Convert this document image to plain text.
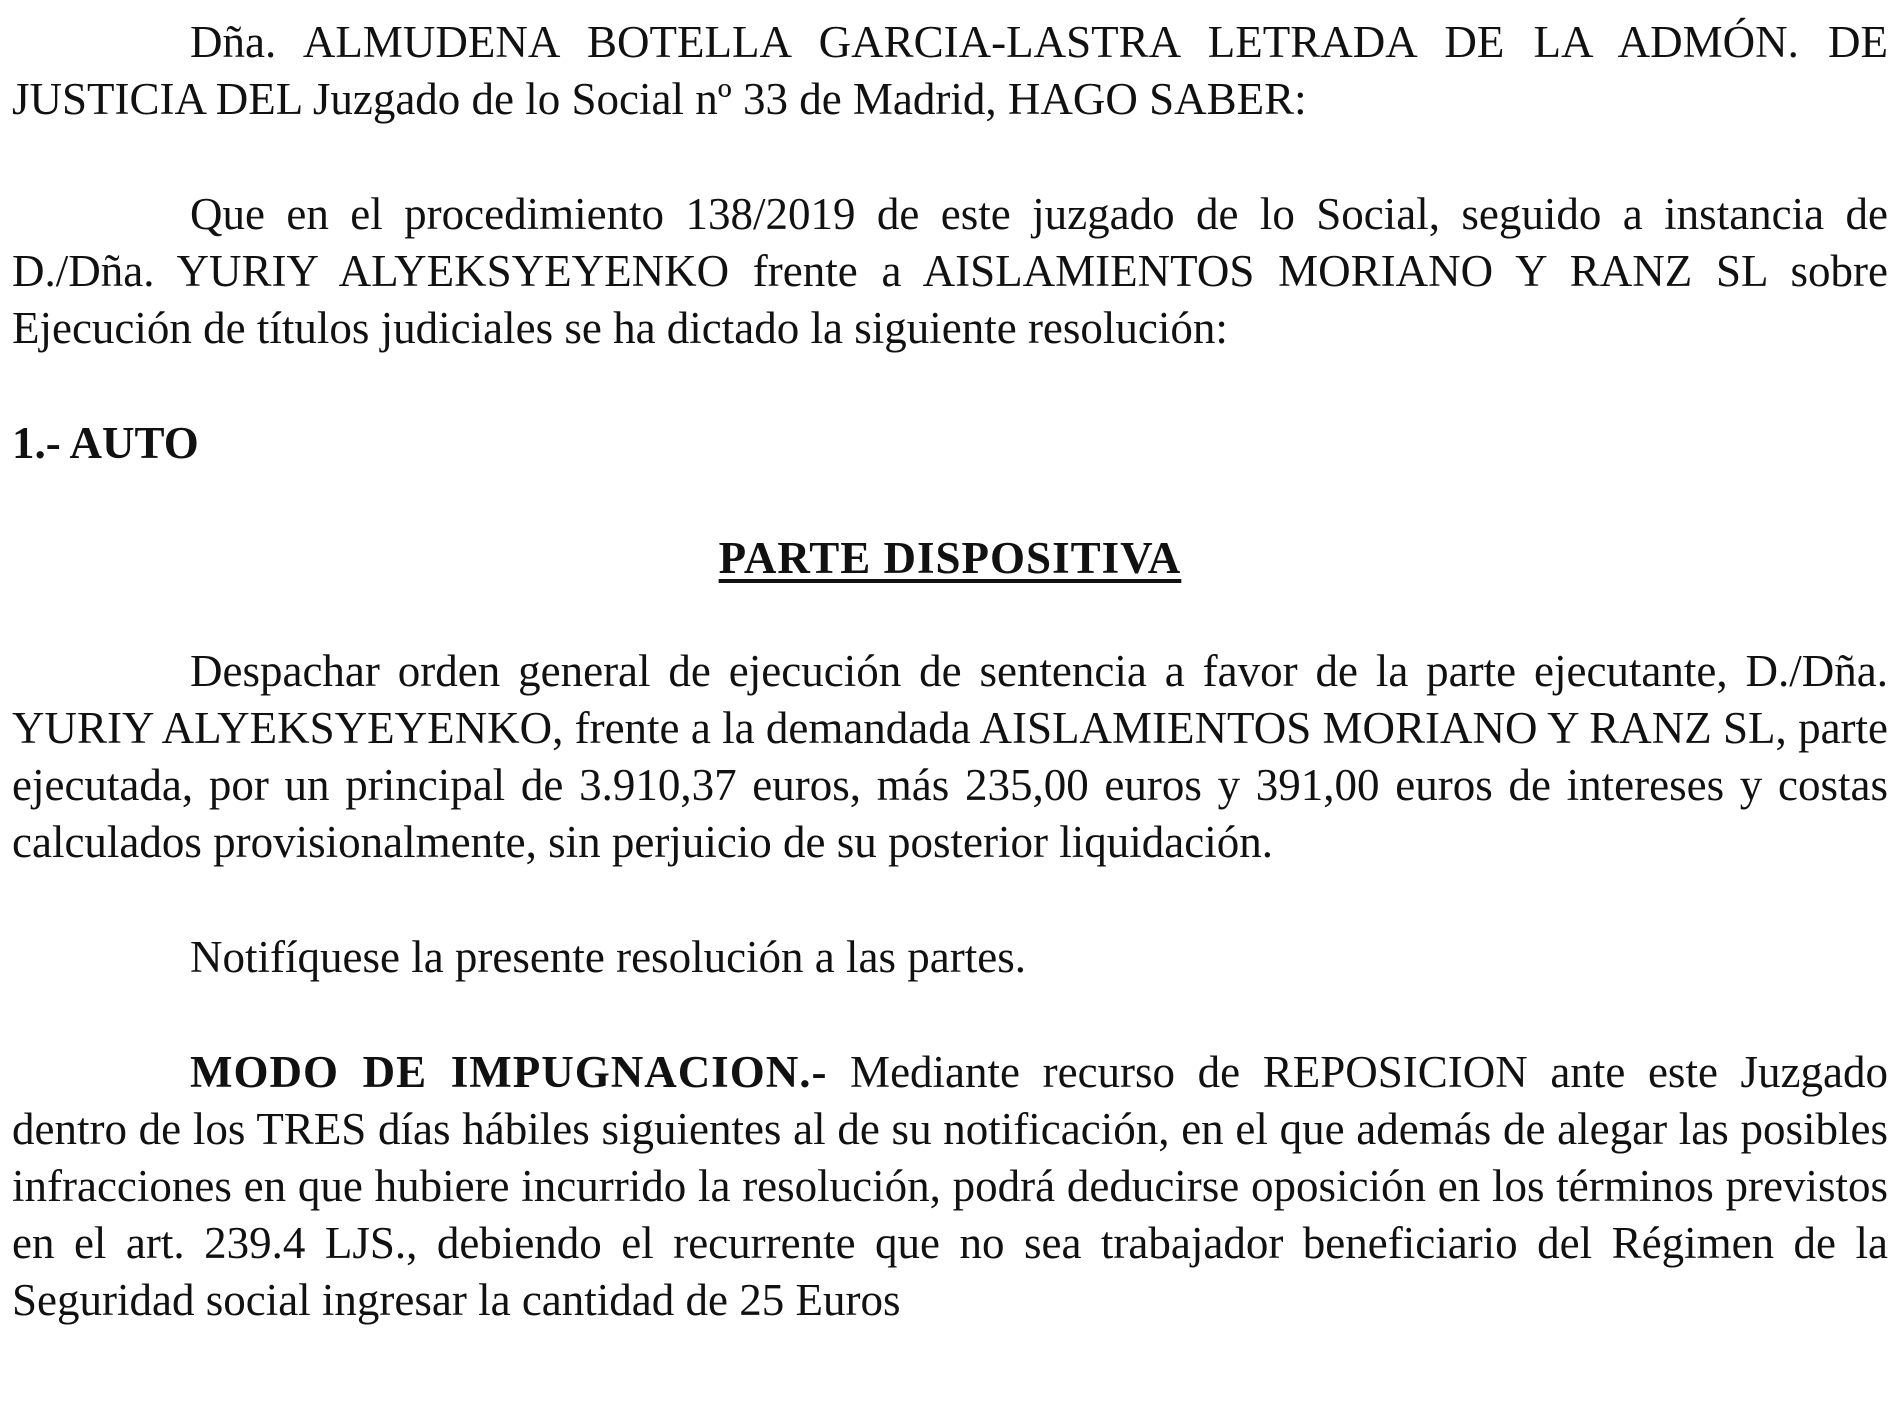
Dña. ALMUDENA BOTELLA GARCIA-LASTRA LETRADA DE LA ADMÓN. DE JUSTICIA DEL Juzgado de lo Social nº 33 de Madrid, HAGO SABER:

Que en el procedimiento 138/2019 de este juzgado de lo Social, seguido a instancia de D./Dña. YURIY ALYEKSYEYENKO frente a AISLAMIENTOS MORIANO Y RANZ SL sobre Ejecución de títulos judiciales se ha dictado la siguiente resolución:

1.- AUTO

PARTE DISPOSITIVA

Despachar orden general de ejecución de sentencia a favor de la parte ejecutante, D./Dña. YURIY ALYEKSYEYENKO, frente a la demandada AISLAMIENTOS MORIANO Y RANZ SL, parte ejecutada, por un principal de 3.910,37 euros, más 235,00 euros y 391,00 euros de intereses y costas calculados provisionalmente, sin perjuicio de su posterior liquidación.

Notifíquese la presente resolución a las partes.

MODO DE IMPUGNACION.- Mediante recurso de REPOSICION ante este Juzgado dentro de los TRES días hábiles siguientes al de su notificación, en el que además de alegar las posibles infracciones en que hubiere incurrido la resolución, podrá deducirse oposición en los términos previstos en el art. 239.4 LJS., debiendo el recurrente que no sea trabajador beneficiario del Régimen de la Seguridad social ingresar la cantidad de 25 Euros
